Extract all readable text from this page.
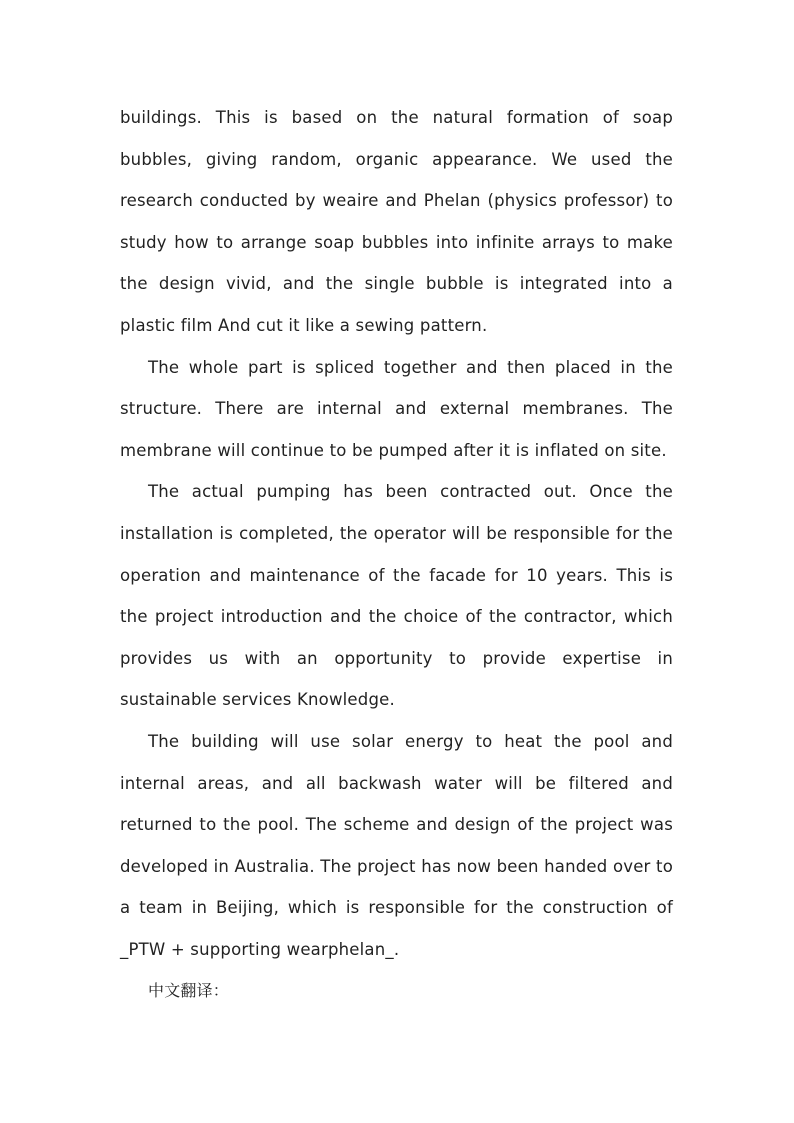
buildings. This is based on the natural formation of soap bubbles, giving random, organic appearance. We used the research conducted by weaire and Phelan (physics professor) to study how to arrange soap bubbles into infinite arrays to make the design vivid, and the single bubble is integrated into a plastic film And cut it like a sewing pattern.

The whole part is spliced together and then placed in the structure. There are internal and external membranes. The membrane will continue to be pumped after it is inflated on site.

The actual pumping has been contracted out. Once the installation is completed, the operator will be responsible for the operation and maintenance of the facade for 10 years. This is the project introduction and the choice of the contractor, which provides us with an opportunity to provide expertise in sustainable services Knowledge.

The building will use solar energy to heat the pool and internal areas, and all backwash water will be filtered and returned to the pool. The scheme and design of the project was developed in Australia. The project has now been handed over to a team in Beijing, which is responsible for the construction of _PTW + supporting wearphelan_.

中文翻译：
